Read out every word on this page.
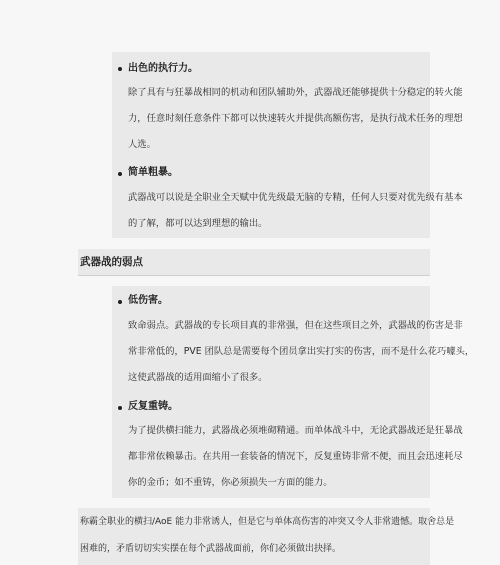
出色的执行力。
除了具有与狂暴战相同的机动和团队辅助外，武器战还能够提供十分稳定的转火能
力，任意时刻任意条件下都可以快速转火并提供高额伤害，是执行战术任务的理想
人选。
简单粗暴。
武器战可以说是全职业全天赋中优先级最无脑的专精，任何人只要对优先级有基本
的了解，都可以达到理想的输出。
武器战的弱点
低伤害。
致命弱点。武器战的专长项目真的非常强，但在这些项目之外，武器战的伤害是非
常非常低的，PVE 团队总是需要每个团员拿出实打实的伤害，而不是什么花巧噱头，
这使武器战的适用面缩小了很多。
反复重铸。
为了提供横扫能力，武器战必须堆砌精通。而单体战斗中，无论武器战还是狂暴战
都非常依赖暴击。在共用一套装备的情况下，反复重铸非常不便，而且会迅速耗尽
你的金币；如不重铸，你必须损失一方面的能力。
称霸全职业的横扫/AoE 能力非常诱人，但是它与单体高伤害的冲突又令人非常遗憾。取舍总是
困难的，矛盾切切实实摆在每个武器战面前，你们必须做出抉择。
